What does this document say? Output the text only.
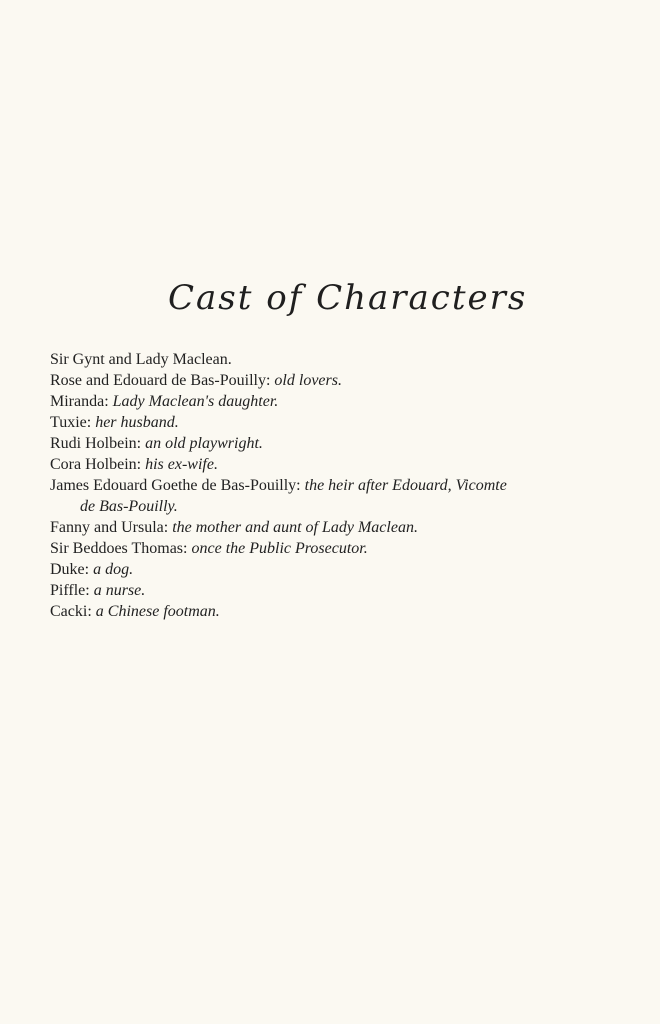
Cast of Characters
Sir Gynt and Lady Maclean.
Rose and Edouard de Bas-Pouilly: old lovers.
Miranda: Lady Maclean's daughter.
Tuxie: her husband.
Rudi Holbein: an old playwright.
Cora Holbein: his ex-wife.
James Edouard Goethe de Bas-Pouilly: the heir after Edouard, Vicomte
de Bas-Pouilly.
Fanny and Ursula: the mother and aunt of Lady Maclean.
Sir Beddoes Thomas: once the Public Prosecutor.
Duke: a dog.
Piffle: a nurse.
Cacki: a Chinese footman.
